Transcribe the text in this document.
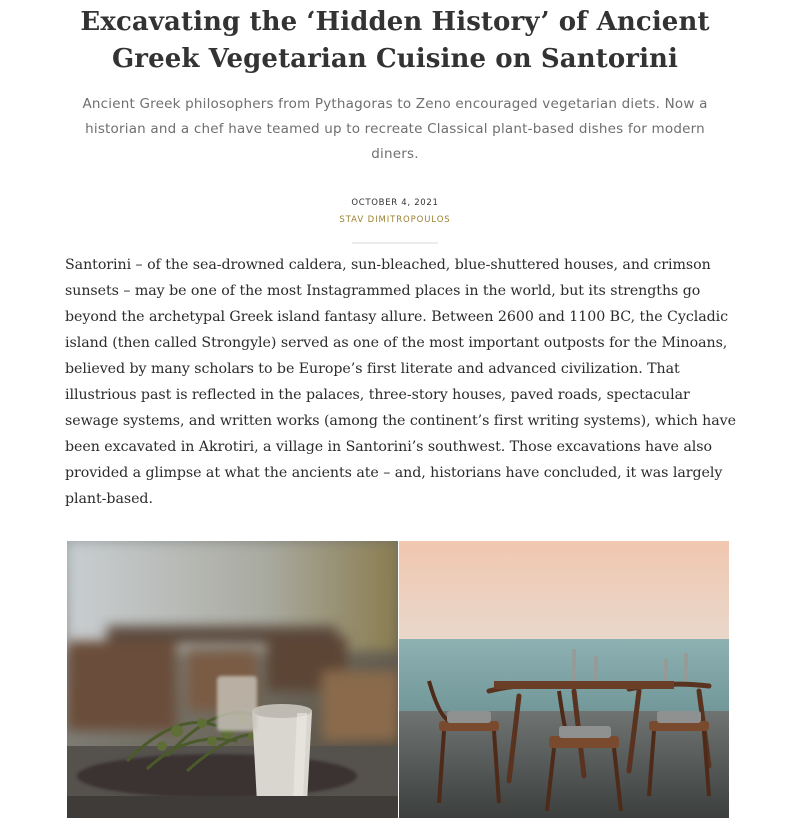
Excavating the ‘Hidden History’ of Ancient Greek Vegetarian Cuisine on Santorini

Ancient Greek philosophers from Pythagoras to Zeno encouraged vegetarian diets. Now a historian and a chef have teamed up to recreate Classical plant-based dishes for modern diners.

OCTOBER 4, 2021
STAV DIMITROPOULOS

Santorini – of the sea-drowned caldera, sun-bleached, blue-shuttered houses, and crimson sunsets – may be one of the most Instagrammed places in the world, but its strengths go beyond the archetypal Greek island fantasy allure. Between 2600 and 1100 BC, the Cycladic island (then called Strongyle) served as one of the most important outposts for the Minoans, believed by many scholars to be Europe’s first literate and advanced civilization. That illustrious past is reflected in the palaces, three-story houses, paved roads, spectacular sewage systems, and written works (among the continent’s first writing systems), which have been excavated in Akrotiri, a village in Santorini’s southwest. Those excavations have also provided a glimpse at what the ancients ate – and, historians have concluded, it was largely plant-based.
